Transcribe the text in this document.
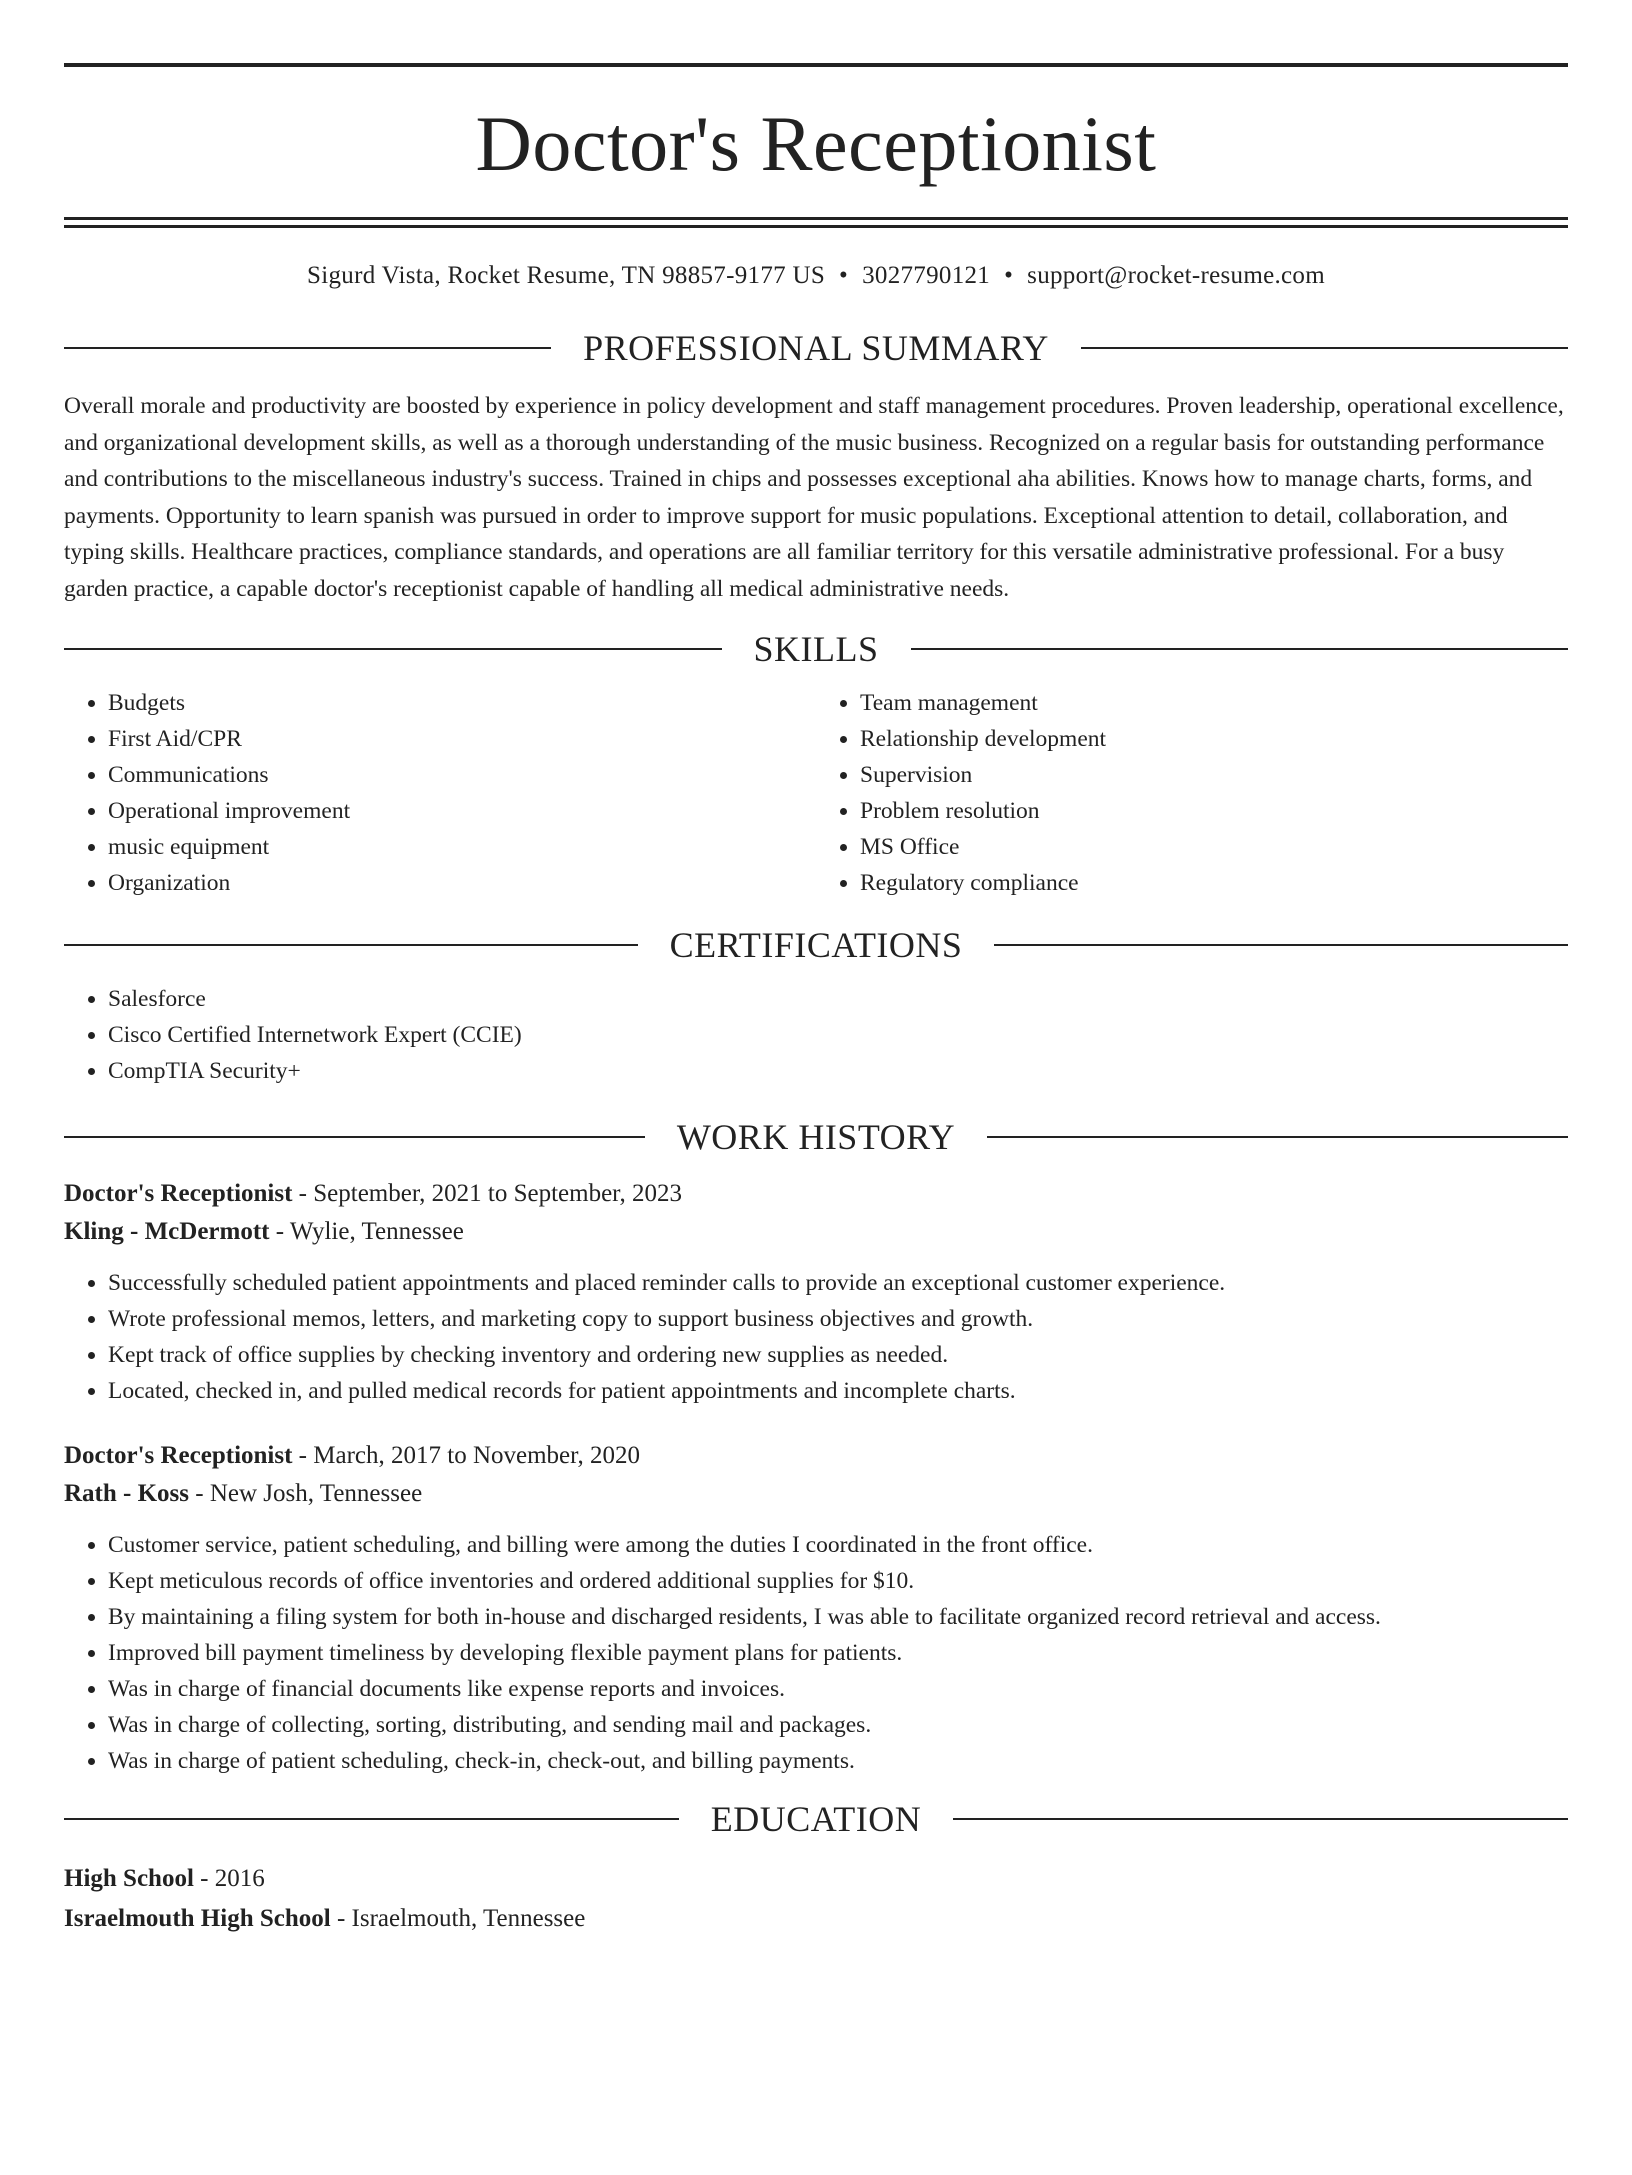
Doctor's Receptionist
Sigurd Vista, Rocket Resume, TN 98857-9177 US • 3027790121 • support@rocket-resume.com
PROFESSIONAL SUMMARY
Overall morale and productivity are boosted by experience in policy development and staff management procedures. Proven leadership, operational excellence, and organizational development skills, as well as a thorough understanding of the music business. Recognized on a regular basis for outstanding performance and contributions to the miscellaneous industry's success. Trained in chips and possesses exceptional aha abilities. Knows how to manage charts, forms, and payments. Opportunity to learn spanish was pursued in order to improve support for music populations. Exceptional attention to detail, collaboration, and typing skills. Healthcare practices, compliance standards, and operations are all familiar territory for this versatile administrative professional. For a busy garden practice, a capable doctor's receptionist capable of handling all medical administrative needs.
SKILLS
• Budgets
• First Aid/CPR
• Communications
• Operational improvement
• music equipment
• Organization
• Team management
• Relationship development
• Supervision
• Problem resolution
• MS Office
• Regulatory compliance
CERTIFICATIONS
• Salesforce
• Cisco Certified Internetwork Expert (CCIE)
• CompTIA Security+
WORK HISTORY
Doctor's Receptionist - September, 2021 to September, 2023
Kling - McDermott - Wylie, Tennessee
• Successfully scheduled patient appointments and placed reminder calls to provide an exceptional customer experience.
• Wrote professional memos, letters, and marketing copy to support business objectives and growth.
• Kept track of office supplies by checking inventory and ordering new supplies as needed.
• Located, checked in, and pulled medical records for patient appointments and incomplete charts.
Doctor's Receptionist - March, 2017 to November, 2020
Rath - Koss - New Josh, Tennessee
• Customer service, patient scheduling, and billing were among the duties I coordinated in the front office.
• Kept meticulous records of office inventories and ordered additional supplies for $10.
• By maintaining a filing system for both in-house and discharged residents, I was able to facilitate organized record retrieval and access.
• Improved bill payment timeliness by developing flexible payment plans for patients.
• Was in charge of financial documents like expense reports and invoices.
• Was in charge of collecting, sorting, distributing, and sending mail and packages.
• Was in charge of patient scheduling, check-in, check-out, and billing payments.
EDUCATION
High School - 2016
Israelmouth High School - Israelmouth, Tennessee
